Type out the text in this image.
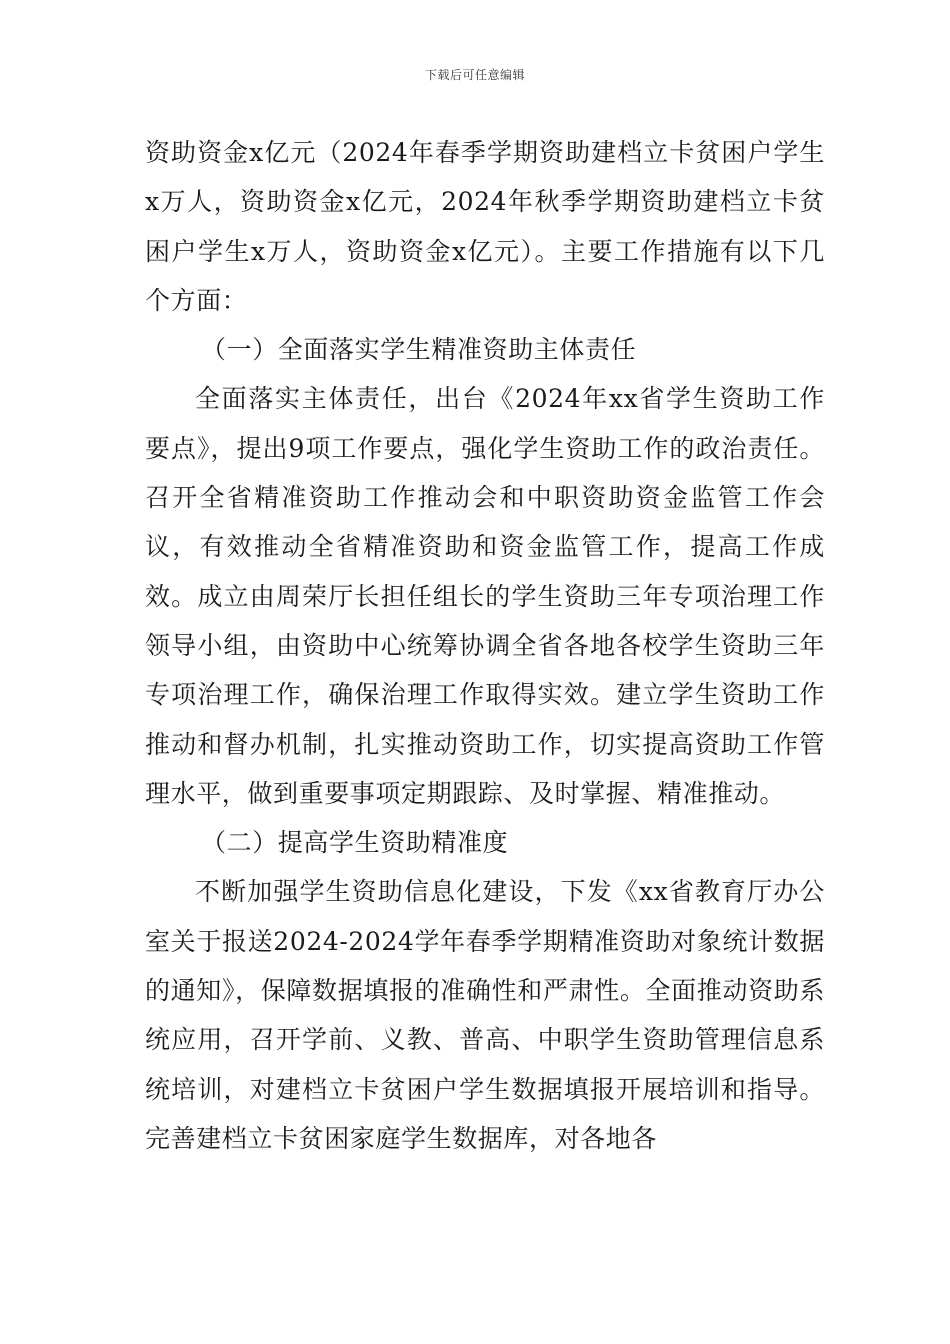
下载后可任意编辑

资助资金x亿元（2024年春季学期资助建档立卡贫困户学生x万人，资助资金x亿元，2024年秋季学期资助建档立卡贫困户学生x万人，资助资金x亿元）。主要工作措施有以下几个方面：

（一）全面落实学生精准资助主体责任

全面落实主体责任，出台《2024年xx省学生资助工作要点》，提出9项工作要点，强化学生资助工作的政治责任。召开全省精准资助工作推动会和中职资助资金监管工作会议，有效推动全省精准资助和资金监管工作，提高工作成效。成立由周荣厅长担任组长的学生资助三年专项治理工作领导小组，由资助中心统筹协调全省各地各校学生资助三年专项治理工作，确保治理工作取得实效。建立学生资助工作推动和督办机制，扎实推动资助工作，切实提高资助工作管理水平，做到重要事项定期跟踪、及时掌握、精准推动。

（二）提高学生资助精准度

不断加强学生资助信息化建设，下发《xx省教育厅办公室关于报送2024-2024学年春季学期精准资助对象统计数据的通知》，保障数据填报的准确性和严肃性。全面推动资助系统应用，召开学前、义教、普高、中职学生资助管理信息系统培训，对建档立卡贫困户学生数据填报开展培训和指导。完善建档立卡贫困家庭学生数据库，对各地各
